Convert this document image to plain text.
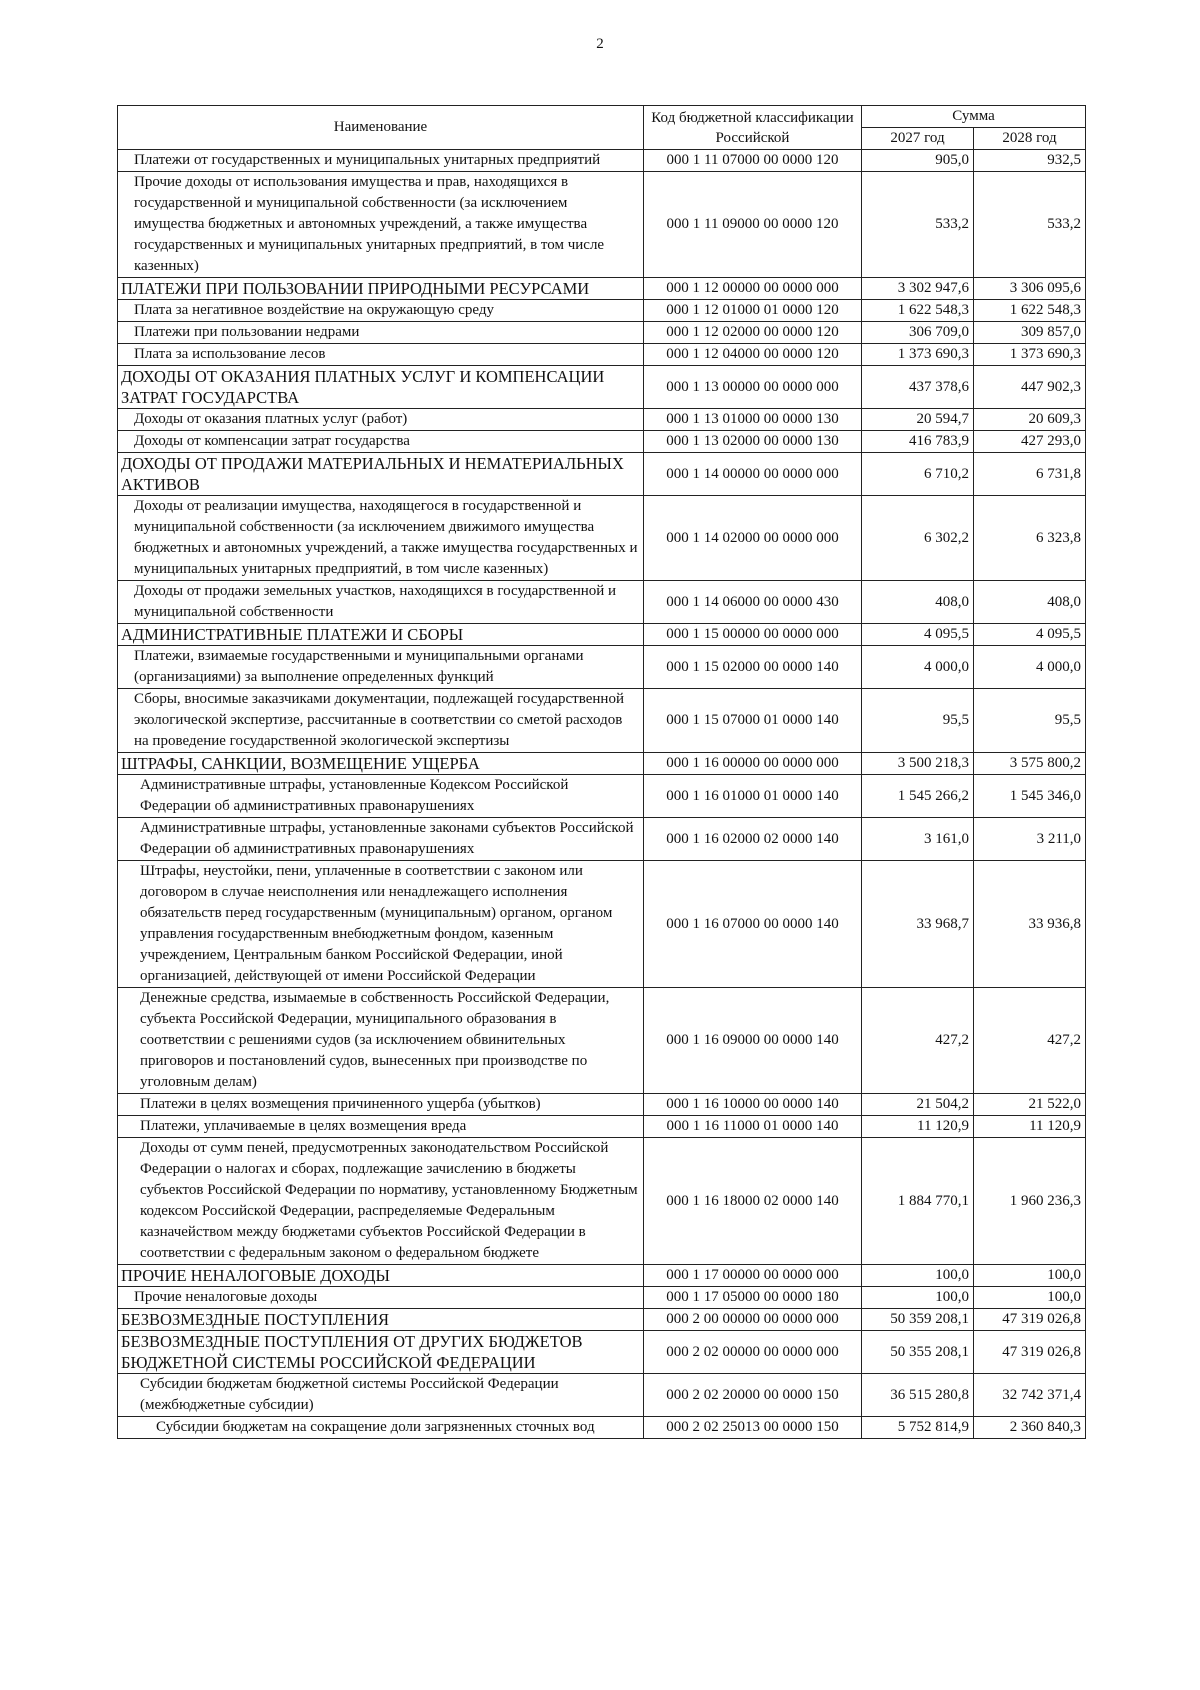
2
Наименование	Код бюджетной классификации Российской	Сумма	
		2027 год	2028 год
Платежи от государственных и муниципальных унитарных предприятий	000 1 11 07000 00 0000 120	905,0	932,5
Прочие доходы от использования имущества и прав, находящихся в государственной и муниципальной собственности (за исключением имущества бюджетных и автономных учреждений, а также имущества государственных и муниципальных унитарных предприятий, в том числе казенных)	000 1 11 09000 00 0000 120	533,2	533,2
ПЛАТЕЖИ ПРИ ПОЛЬЗОВАНИИ ПРИРОДНЫМИ РЕСУРСАМИ	000 1 12 00000 00 0000 000	3 302 947,6	3 306 095,6
Плата за негативное воздействие на окружающую среду	000 1 12 01000 01 0000 120	1 622 548,3	1 622 548,3
Платежи при пользовании недрами	000 1 12 02000 00 0000 120	306 709,0	309 857,0
Плата за использование лесов	000 1 12 04000 00 0000 120	1 373 690,3	1 373 690,3
ДОХОДЫ ОТ ОКАЗАНИЯ ПЛАТНЫХ УСЛУГ И КОМПЕНСАЦИИ ЗАТРАТ ГОСУДАРСТВА	000 1 13 00000 00 0000 000	437 378,6	447 902,3
Доходы от оказания платных услуг (работ)	000 1 13 01000 00 0000 130	20 594,7	20 609,3
Доходы от компенсации затрат государства	000 1 13 02000 00 0000 130	416 783,9	427 293,0
ДОХОДЫ ОТ ПРОДАЖИ МАТЕРИАЛЬНЫХ И НЕМАТЕРИАЛЬНЫХ АКТИВОВ	000 1 14 00000 00 0000 000	6 710,2	6 731,8
Доходы от реализации имущества, находящегося в государственной и муниципальной собственности (за исключением движимого имущества бюджетных и автономных учреждений, а также имущества государственных и муниципальных унитарных предприятий, в том числе казенных)	000 1 14 02000 00 0000 000	6 302,2	6 323,8
Доходы от продажи земельных участков, находящихся в государственной и муниципальной собственности	000 1 14 06000 00 0000 430	408,0	408,0
АДМИНИСТРАТИВНЫЕ ПЛАТЕЖИ И СБОРЫ	000 1 15 00000 00 0000 000	4 095,5	4 095,5
Платежи, взимаемые государственными и муниципальными органами (организациями) за выполнение определенных функций	000 1 15 02000 00 0000 140	4 000,0	4 000,0
Сборы, вносимые заказчиками документации, подлежащей государственной экологической экспертизе, рассчитанные в соответствии со сметой расходов на проведение государственной экологической экспертизы	000 1 15 07000 01 0000 140	95,5	95,5
ШТРАФЫ, САНКЦИИ, ВОЗМЕЩЕНИЕ УЩЕРБА	000 1 16 00000 00 0000 000	3 500 218,3	3 575 800,2
Административные штрафы, установленные Кодексом Российской Федерации об административных правонарушениях	000 1 16 01000 01 0000 140	1 545 266,2	1 545 346,0
Административные штрафы, установленные законами субъектов Российской Федерации об административных правонарушениях	000 1 16 02000 02 0000 140	3 161,0	3 211,0
Штрафы, неустойки, пени, уплаченные в соответствии с законом или договором в случае неисполнения или ненадлежащего исполнения обязательств перед государственным (муниципальным) органом, органом управления государственным внебюджетным фондом, казенным учреждением, Центральным банком Российской Федерации, иной организацией, действующей от имени Российской Федерации	000 1 16 07000 00 0000 140	33 968,7	33 936,8
Денежные средства, изымаемые в собственность Российской Федерации, субъекта Российской Федерации, муниципального образования в соответствии с решениями судов (за исключением обвинительных приговоров и постановлений судов, вынесенных при производстве по уголовным делам)	000 1 16 09000 00 0000 140	427,2	427,2
Платежи в целях возмещения причиненного ущерба (убытков)	000 1 16 10000 00 0000 140	21 504,2	21 522,0
Платежи, уплачиваемые в целях возмещения вреда	000 1 16 11000 01 0000 140	11 120,9	11 120,9
Доходы от сумм пеней, предусмотренных законодательством Российской Федерации о налогах и сборах, подлежащие зачислению в бюджеты субъектов Российской Федерации по нормативу, установленному Бюджетным кодексом Российской Федерации, распределяемые Федеральным казначейством между бюджетами субъектов Российской Федерации в соответствии с федеральным законом о федеральном бюджете	000 1 16 18000 02 0000 140	1 884 770,1	1 960 236,3
ПРОЧИЕ НЕНАЛОГОВЫЕ ДОХОДЫ	000 1 17 00000 00 0000 000	100,0	100,0
Прочие неналоговые доходы	000 1 17 05000 00 0000 180	100,0	100,0
БЕЗВОЗМЕЗДНЫЕ ПОСТУПЛЕНИЯ	000 2 00 00000 00 0000 000	50 359 208,1	47 319 026,8
БЕЗВОЗМЕЗДНЫЕ ПОСТУПЛЕНИЯ ОТ ДРУГИХ БЮДЖЕТОВ БЮДЖЕТНОЙ СИСТЕМЫ РОССИЙСКОЙ ФЕДЕРАЦИИ	000 2 02 00000 00 0000 000	50 355 208,1	47 319 026,8
Субсидии бюджетам бюджетной системы Российской Федерации (межбюджетные субсидии)	000 2 02 20000 00 0000 150	36 515 280,8	32 742 371,4
Субсидии бюджетам на сокращение доли загрязненных сточных вод	000 2 02 25013 00 0000 150	5 752 814,9	2 360 840,3
